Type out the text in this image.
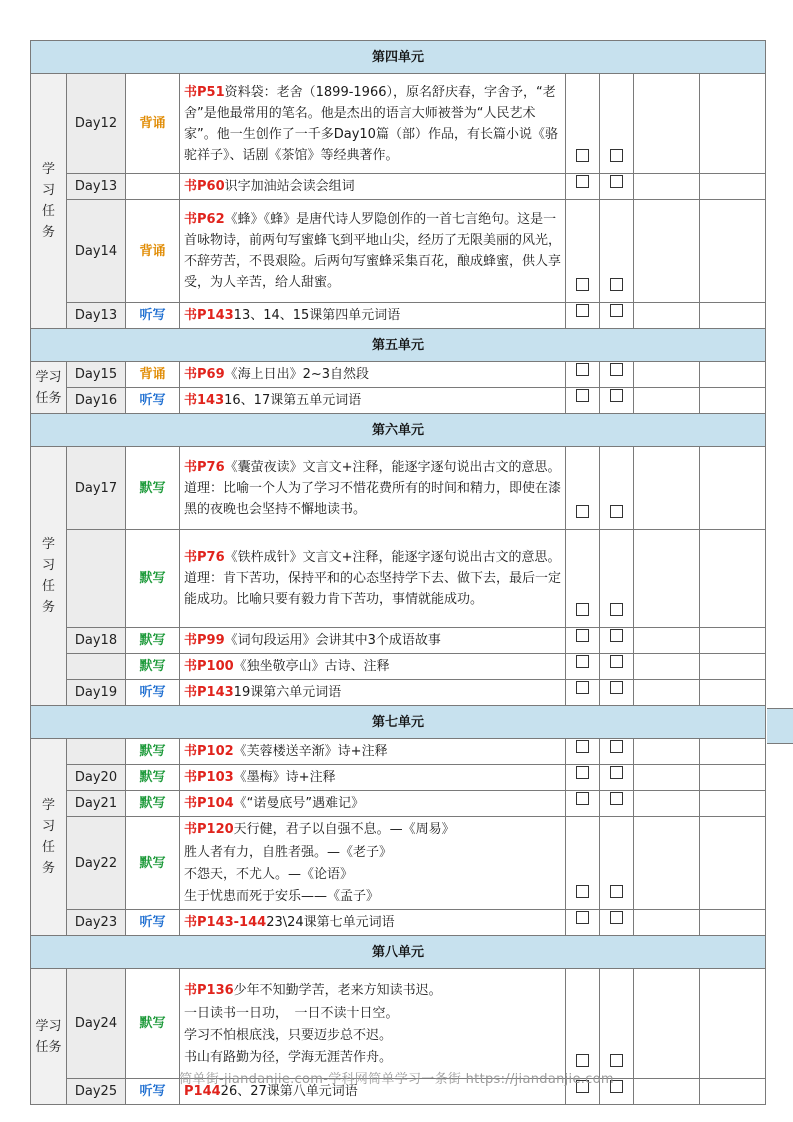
第四单元							
学习任务	Day12	背诵	书P51资料袋：老舍（1899-1966），原名舒庆春，字舍予，“老舍”是他最常用的笔名。他是杰出的语言大师被誉为“人民艺术家”。他一生创作了一千多Day10篇（部）作品，有长篇小说《骆驼祥子》、话剧《茶馆》等经典著作。				

	Day13		书P60识字加油站会读会组词				

	Day14	背诵	书P62《蜂》《蜂》是唐代诗人罗隐创作的一首七言绝句。这是一首咏物诗，前两句写蜜蜂飞到平地山尖，经历了无限美丽的风光，不辞劳苦，不畏艰险。后两句写蜜蜂采集百花，酿成蜂蜜，供人享受，为人辛苦，给人甜蜜。				

	Day13	听写	书P14313、14、15课第四单元词语				

第五单元							
学习任务	Day15	背诵	书P69《海上日出》2~3自然段				

	Day16	听写	书14316、17课第五单元词语				

第六单元							
学习任务	Day17	默写	书P76《囊萤夜读》文言文+注释，能逐字逐句说出古文的意思。道理：比喻一个人为了学习不惜花费所有的时间和精力，即使在漆黑的夜晚也会坚持不懈地读书。				

		默写	书P76《铁杵成针》文言文+注释，能逐字逐句说出古文的意思。道理：肯下苦功，保持平和的心态坚持学下去、做下去，最后一定能成功。比喻只要有毅力肯下苦功，事情就能成功。				

	Day18	默写	书P99《词句段运用》会讲其中3个成语故事				

		默写	书P100《独坐敬亭山》古诗、注释				

	Day19	听写	书P14319课第六单元词语				

第七单元							
学习任务		默写	书P102《芙蓉楼送辛渐》诗+注释				

	Day20	默写	书P103《墨梅》诗+注释				

	Day21	默写	书P104《“诺曼底号”遇难记》				

	Day22	默写	书P120天行健，君子以自强不息。—《周易》
胜人者有力，自胜者强。—《老子》
不怨天，不尤人。—《论语》
生于忧患而死于安乐——《孟子》				

	Day23	听写	书P143-14423\24课第七单元词语				

第八单元							
学习任务	Day24	默写	书P136少年不知勤学苦，老来方知读书迟。
一日读书一日功，　一日不读十日空。
学习不怕根底浅，只要迈步总不迟。
书山有路勤为径，学海无涯苦作舟。				

	Day25	听写	P14426、27课第八单元词语				

简单街-jiandanjie.com-学科网简单学习一条街 https://jiandanjie.com
